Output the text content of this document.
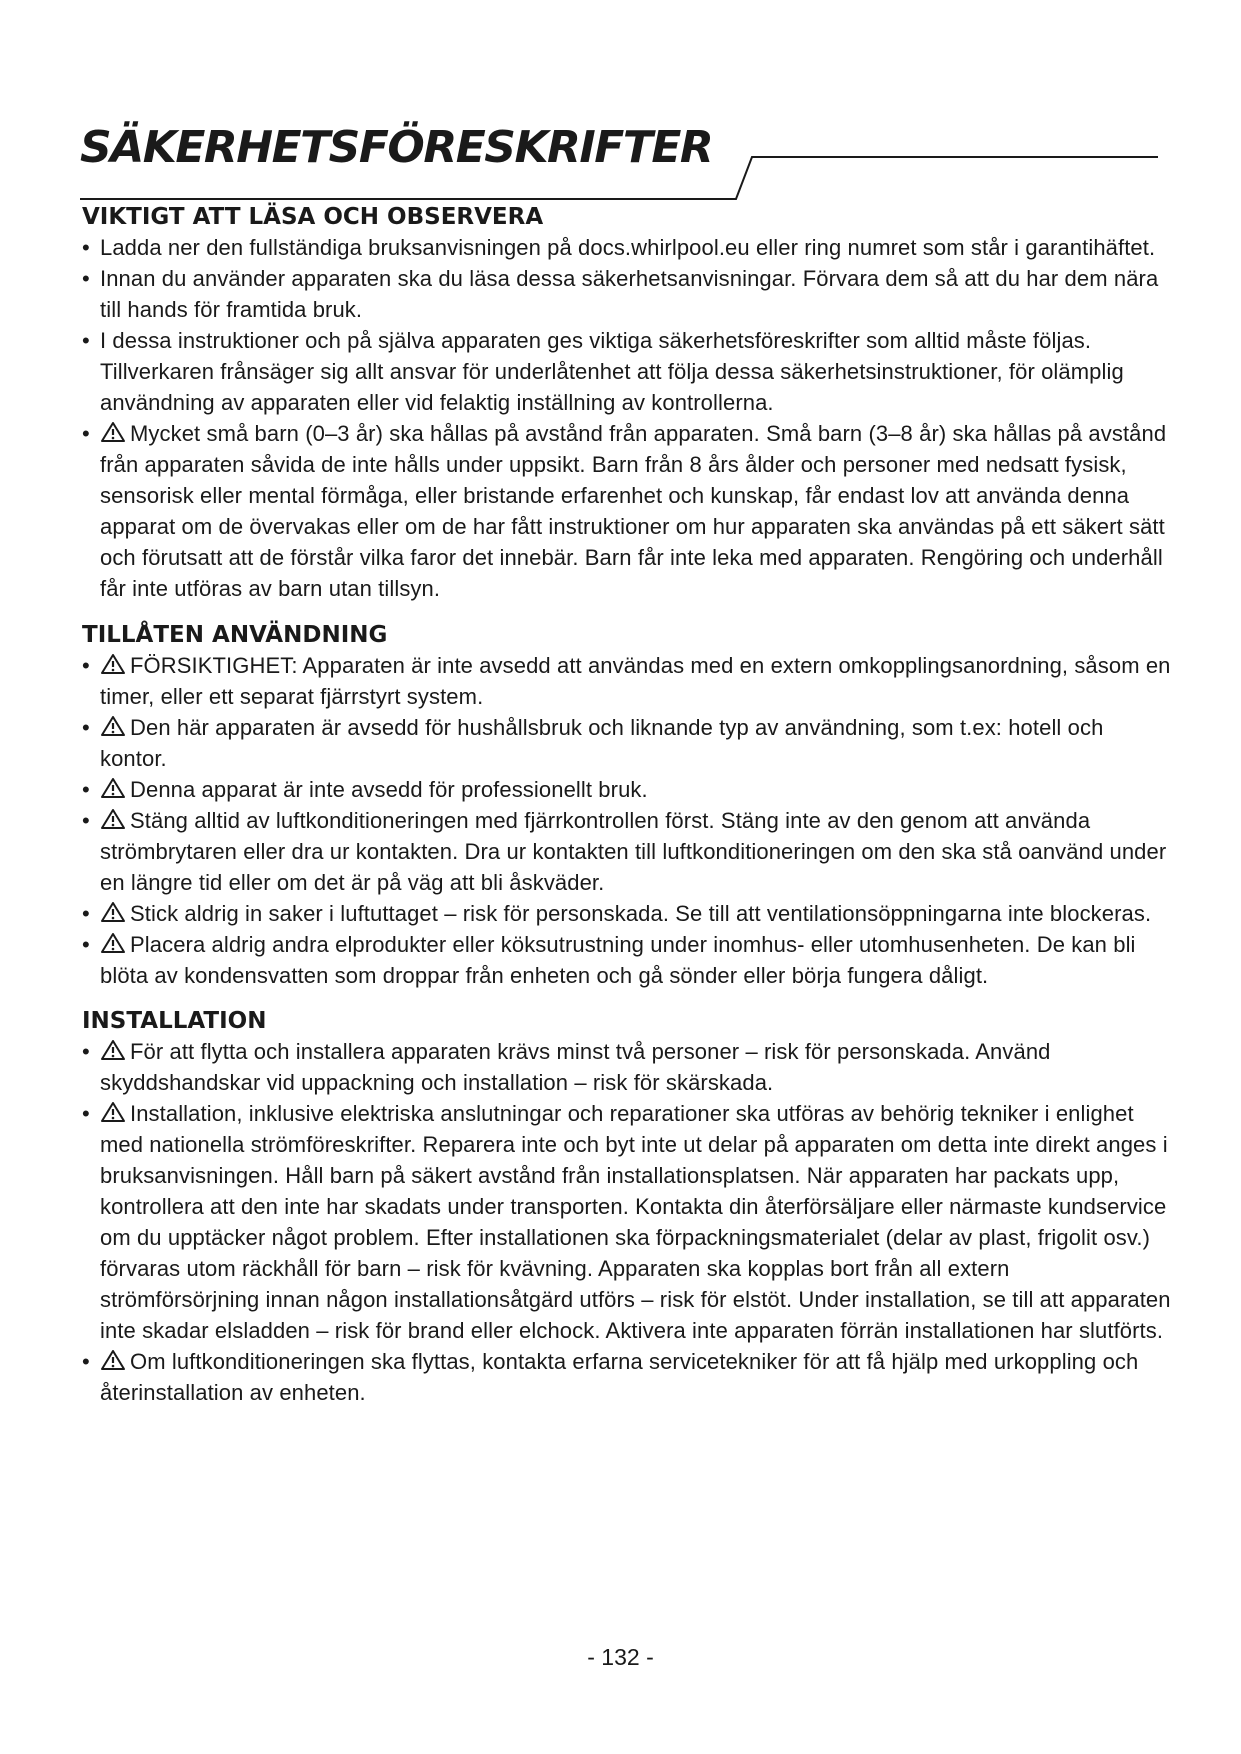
SÄKERHETSFÖRESKRIFTER
VIKTIGT ATT LÄSA OCH OBSERVERA
• Ladda ner den fullständiga bruksanvisningen på docs.whirlpool.eu eller ring numret som står i garantihäftet.
• Innan du använder apparaten ska du läsa dessa säkerhetsanvisningar. Förvara dem så att du har dem nära till hands för framtida bruk.
• I dessa instruktioner och på själva apparaten ges viktiga säkerhetsföreskrifter som alltid måste följas. Tillverkaren frånsäger sig allt ansvar för underlåtenhet att följa dessa säkerhetsinstruktioner, för olämplig användning av apparaten eller vid felaktig inställning av kontrollerna.
• Mycket små barn (0–3 år) ska hållas på avstånd från apparaten. Små barn (3–8 år) ska hållas på avstånd från apparaten såvida de inte hålls under uppsikt. Barn från 8 års ålder och personer med nedsatt fysisk, sensorisk eller mental förmåga, eller bristande erfarenhet och kunskap, får endast lov att använda denna apparat om de övervakas eller om de har fått instruktioner om hur apparaten ska användas på ett säkert sätt och förutsatt att de förstår vilka faror det innebär. Barn får inte leka med apparaten. Rengöring och underhåll får inte utföras av barn utan tillsyn.
TILLÅTEN ANVÄNDNING
• FÖRSIKTIGHET: Apparaten är inte avsedd att användas med en extern omkopplingsanordning, såsom en timer, eller ett separat fjärrstyrt system.
• Den här apparaten är avsedd för hushållsbruk och liknande typ av användning, som t.ex: hotell och kontor.
• Denna apparat är inte avsedd för professionellt bruk.
• Stäng alltid av luftkonditioneringen med fjärrkontrollen först. Stäng inte av den genom att använda strömbrytaren eller dra ur kontakten. Dra ur kontakten till luftkonditioneringen om den ska stå oanvänd under en längre tid eller om det är på väg att bli åskväder.
• Stick aldrig in saker i luftuttaget – risk för personskada. Se till att ventilationsöppningarna inte blockeras.
• Placera aldrig andra elprodukter eller köksutrustning under inomhus- eller utomhusenheten. De kan bli blöta av kondensvatten som droppar från enheten och gå sönder eller börja fungera dåligt.
INSTALLATION
• För att flytta och installera apparaten krävs minst två personer – risk för personskada. Använd skyddshandskar vid uppackning och installation – risk för skärskada.
• Installation, inklusive elektriska anslutningar och reparationer ska utföras av behörig tekniker i enlighet med nationella strömföreskrifter. Reparera inte och byt inte ut delar på apparaten om detta inte direkt anges i bruksanvisningen. Håll barn på säkert avstånd från installationsplatsen. När apparaten har packats upp, kontrollera att den inte har skadats under transporten. Kontakta din återförsäljare eller närmaste kundservice om du upptäcker något problem. Efter installationen ska förpackningsmaterialet (delar av plast, frigolit osv.) förvaras utom räckhåll för barn – risk för kvävning. Apparaten ska kopplas bort från all extern strömförsörjning innan någon installationsåtgärd utförs – risk för elstöt. Under installation, se till att apparaten inte skadar elsladden – risk för brand eller elchock. Aktivera inte apparaten förrän installationen har slutförts.
• Om luftkonditioneringen ska flyttas, kontakta erfarna servicetekniker för att få hjälp med urkoppling och återinstallation av enheten.
- 132 -
